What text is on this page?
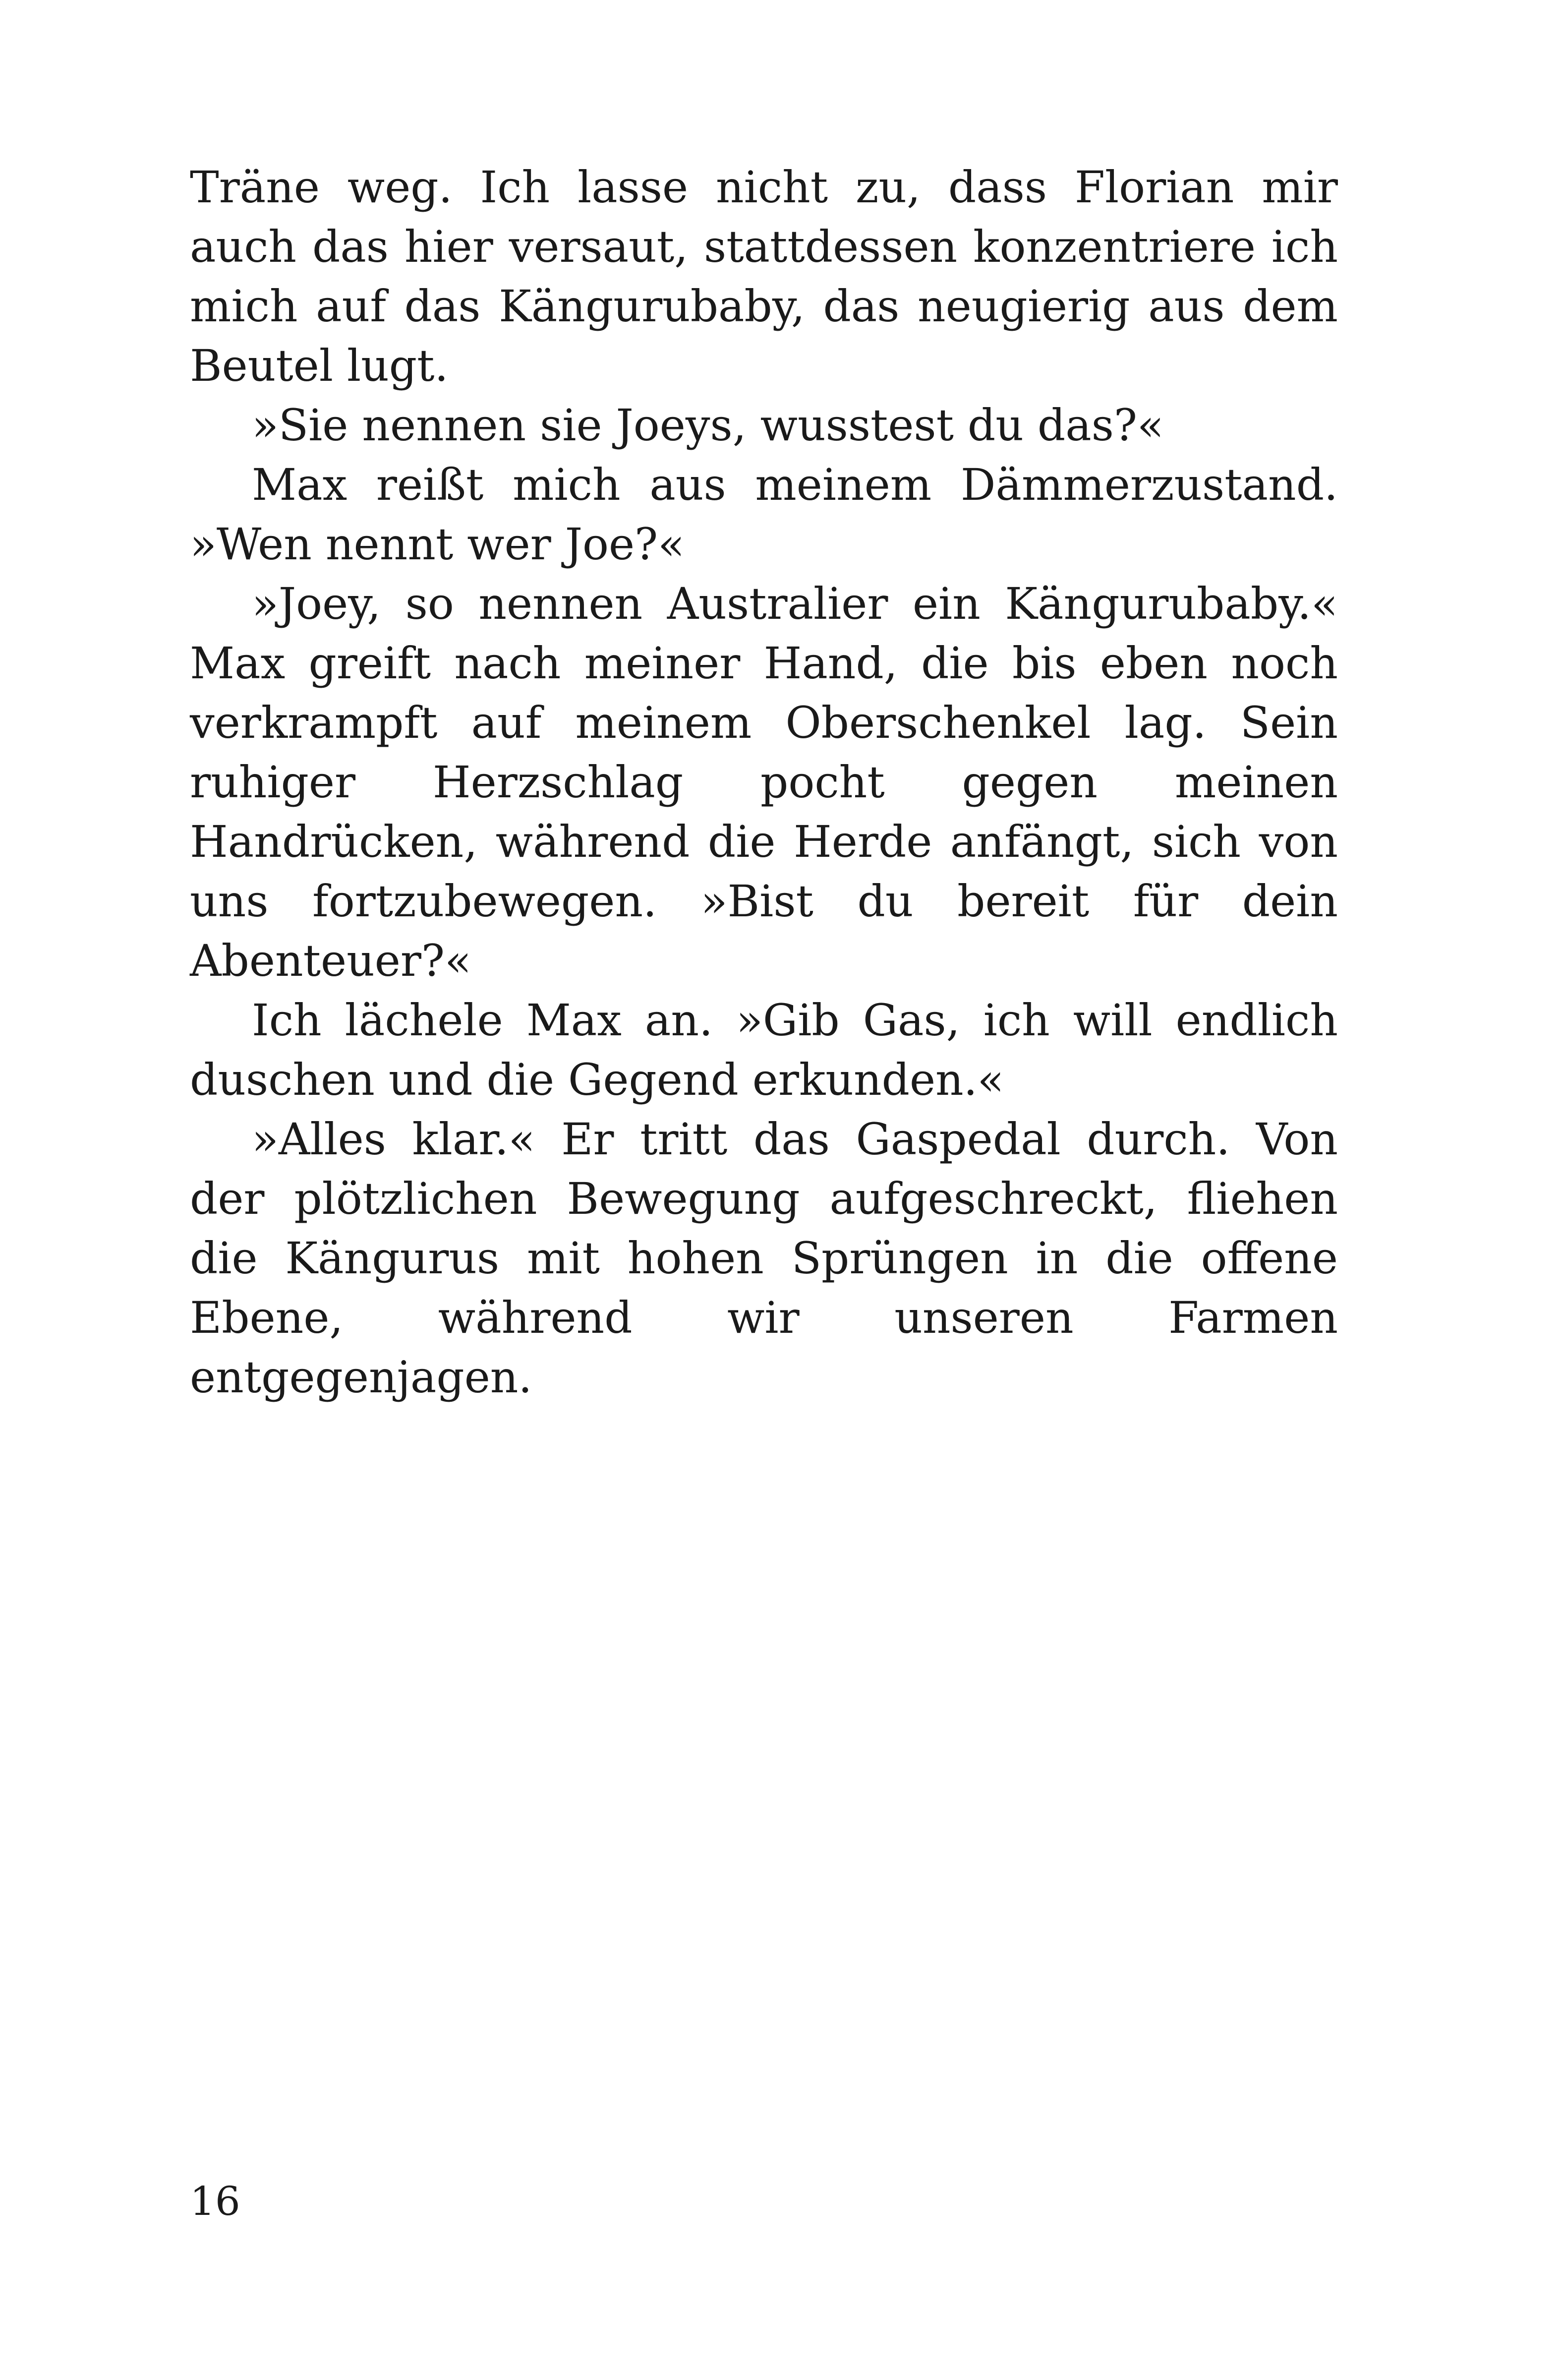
Träne weg. Ich lasse nicht zu, dass Florian mir auch das hier versaut, stattdessen konzentriere ich mich auf das Kängurubaby, das neugierig aus dem Beutel lugt.

»Sie nennen sie Joeys, wusstest du das?«

Max reißt mich aus meinem Dämmerzustand. »Wen nennt wer Joe?«

»Joey, so nennen Australier ein Kängurubaby.« Max greift nach meiner Hand, die bis eben noch verkrampft auf meinem Oberschenkel lag. Sein ruhiger Herzschlag pocht gegen meinen Handrücken, während die Herde anfängt, sich von uns fortzubewegen. »Bist du bereit für dein Abenteuer?«

Ich lächele Max an. »Gib Gas, ich will endlich duschen und die Gegend erkunden.«

»Alles klar.« Er tritt das Gaspedal durch. Von der plötzlichen Bewegung aufgeschreckt, fliehen die Kängurus mit hohen Sprüngen in die offene Ebene, während wir unseren Farmen entgegenjagen.

16
